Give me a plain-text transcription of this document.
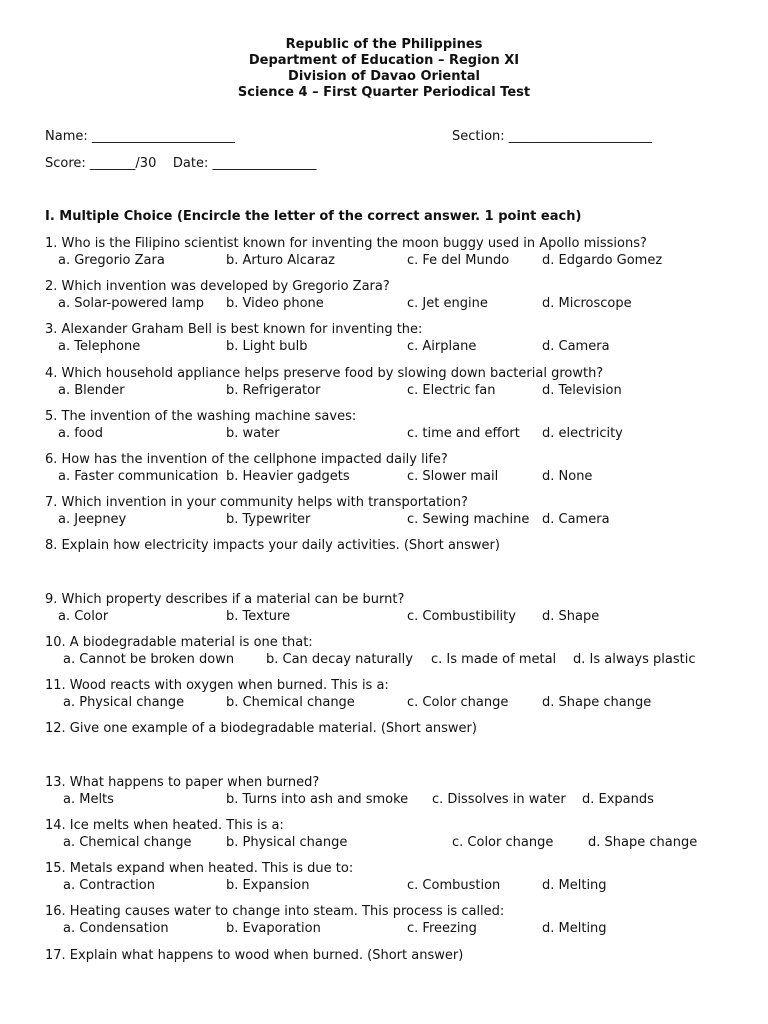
Republic of the Philippines
Department of Education – Region XI
Division of Davao Oriental
Science 4 – First Quarter Periodical Test
Name: ______________________	Section: ______________________
Score: _______/30    Date: ________________
I. Multiple Choice (Encircle the letter of the correct answer. 1 point each)
1. Who is the Filipino scientist known for inventing the moon buggy used in Apollo missions?
a. Gregorio Zara	b. Arturo Alcaraz	c. Fe del Mundo	d. Edgardo Gomez
2. Which invention was developed by Gregorio Zara?
a. Solar-powered lamp b. Video phone	c. Jet engine	d. Microscope
3. Alexander Graham Bell is best known for inventing the:
a. Telephone	b. Light bulb	c. Airplane	d. Camera
4. Which household appliance helps preserve food by slowing down bacterial growth?
a. Blender	b. Refrigerator	c. Electric fan	d. Television
5. The invention of the washing machine saves:
a. food	b. water	c. time and effort d. electricity
6. How has the invention of the cellphone impacted daily life?
a. Faster communication b. Heavier gadgets	c. Slower mail	d. None
7. Which invention in your community helps with transportation?
a. Jeepney	b. Typewriter	c. Sewing machine d. Camera
8. Explain how electricity impacts your daily activities. (Short answer)
9. Which property describes if a material can be burnt?
a. Color	b. Texture	c. Combustibility d. Shape
10. A biodegradable material is one that:
a. Cannot be broken down b. Can decay naturally c. Is made of metal d. Is always plastic
11. Wood reacts with oxygen when burned. This is a:
a. Physical change	b. Chemical change	c. Color change	d. Shape change
12. Give one example of a biodegradable material. (Short answer)
13. What happens to paper when burned?
a. Melts	b. Turns into ash and smoke c. Dissolves in water d. Expands
14. Ice melts when heated. This is a:
a. Chemical change	b. Physical change	c. Color change	d. Shape change
15. Metals expand when heated. This is due to:
a. Contraction	b. Expansion	c. Combustion	d. Melting
16. Heating causes water to change into steam. This process is called:
a. Condensation	b. Evaporation	c. Freezing	d. Melting
17. Explain what happens to wood when burned. (Short answer)
